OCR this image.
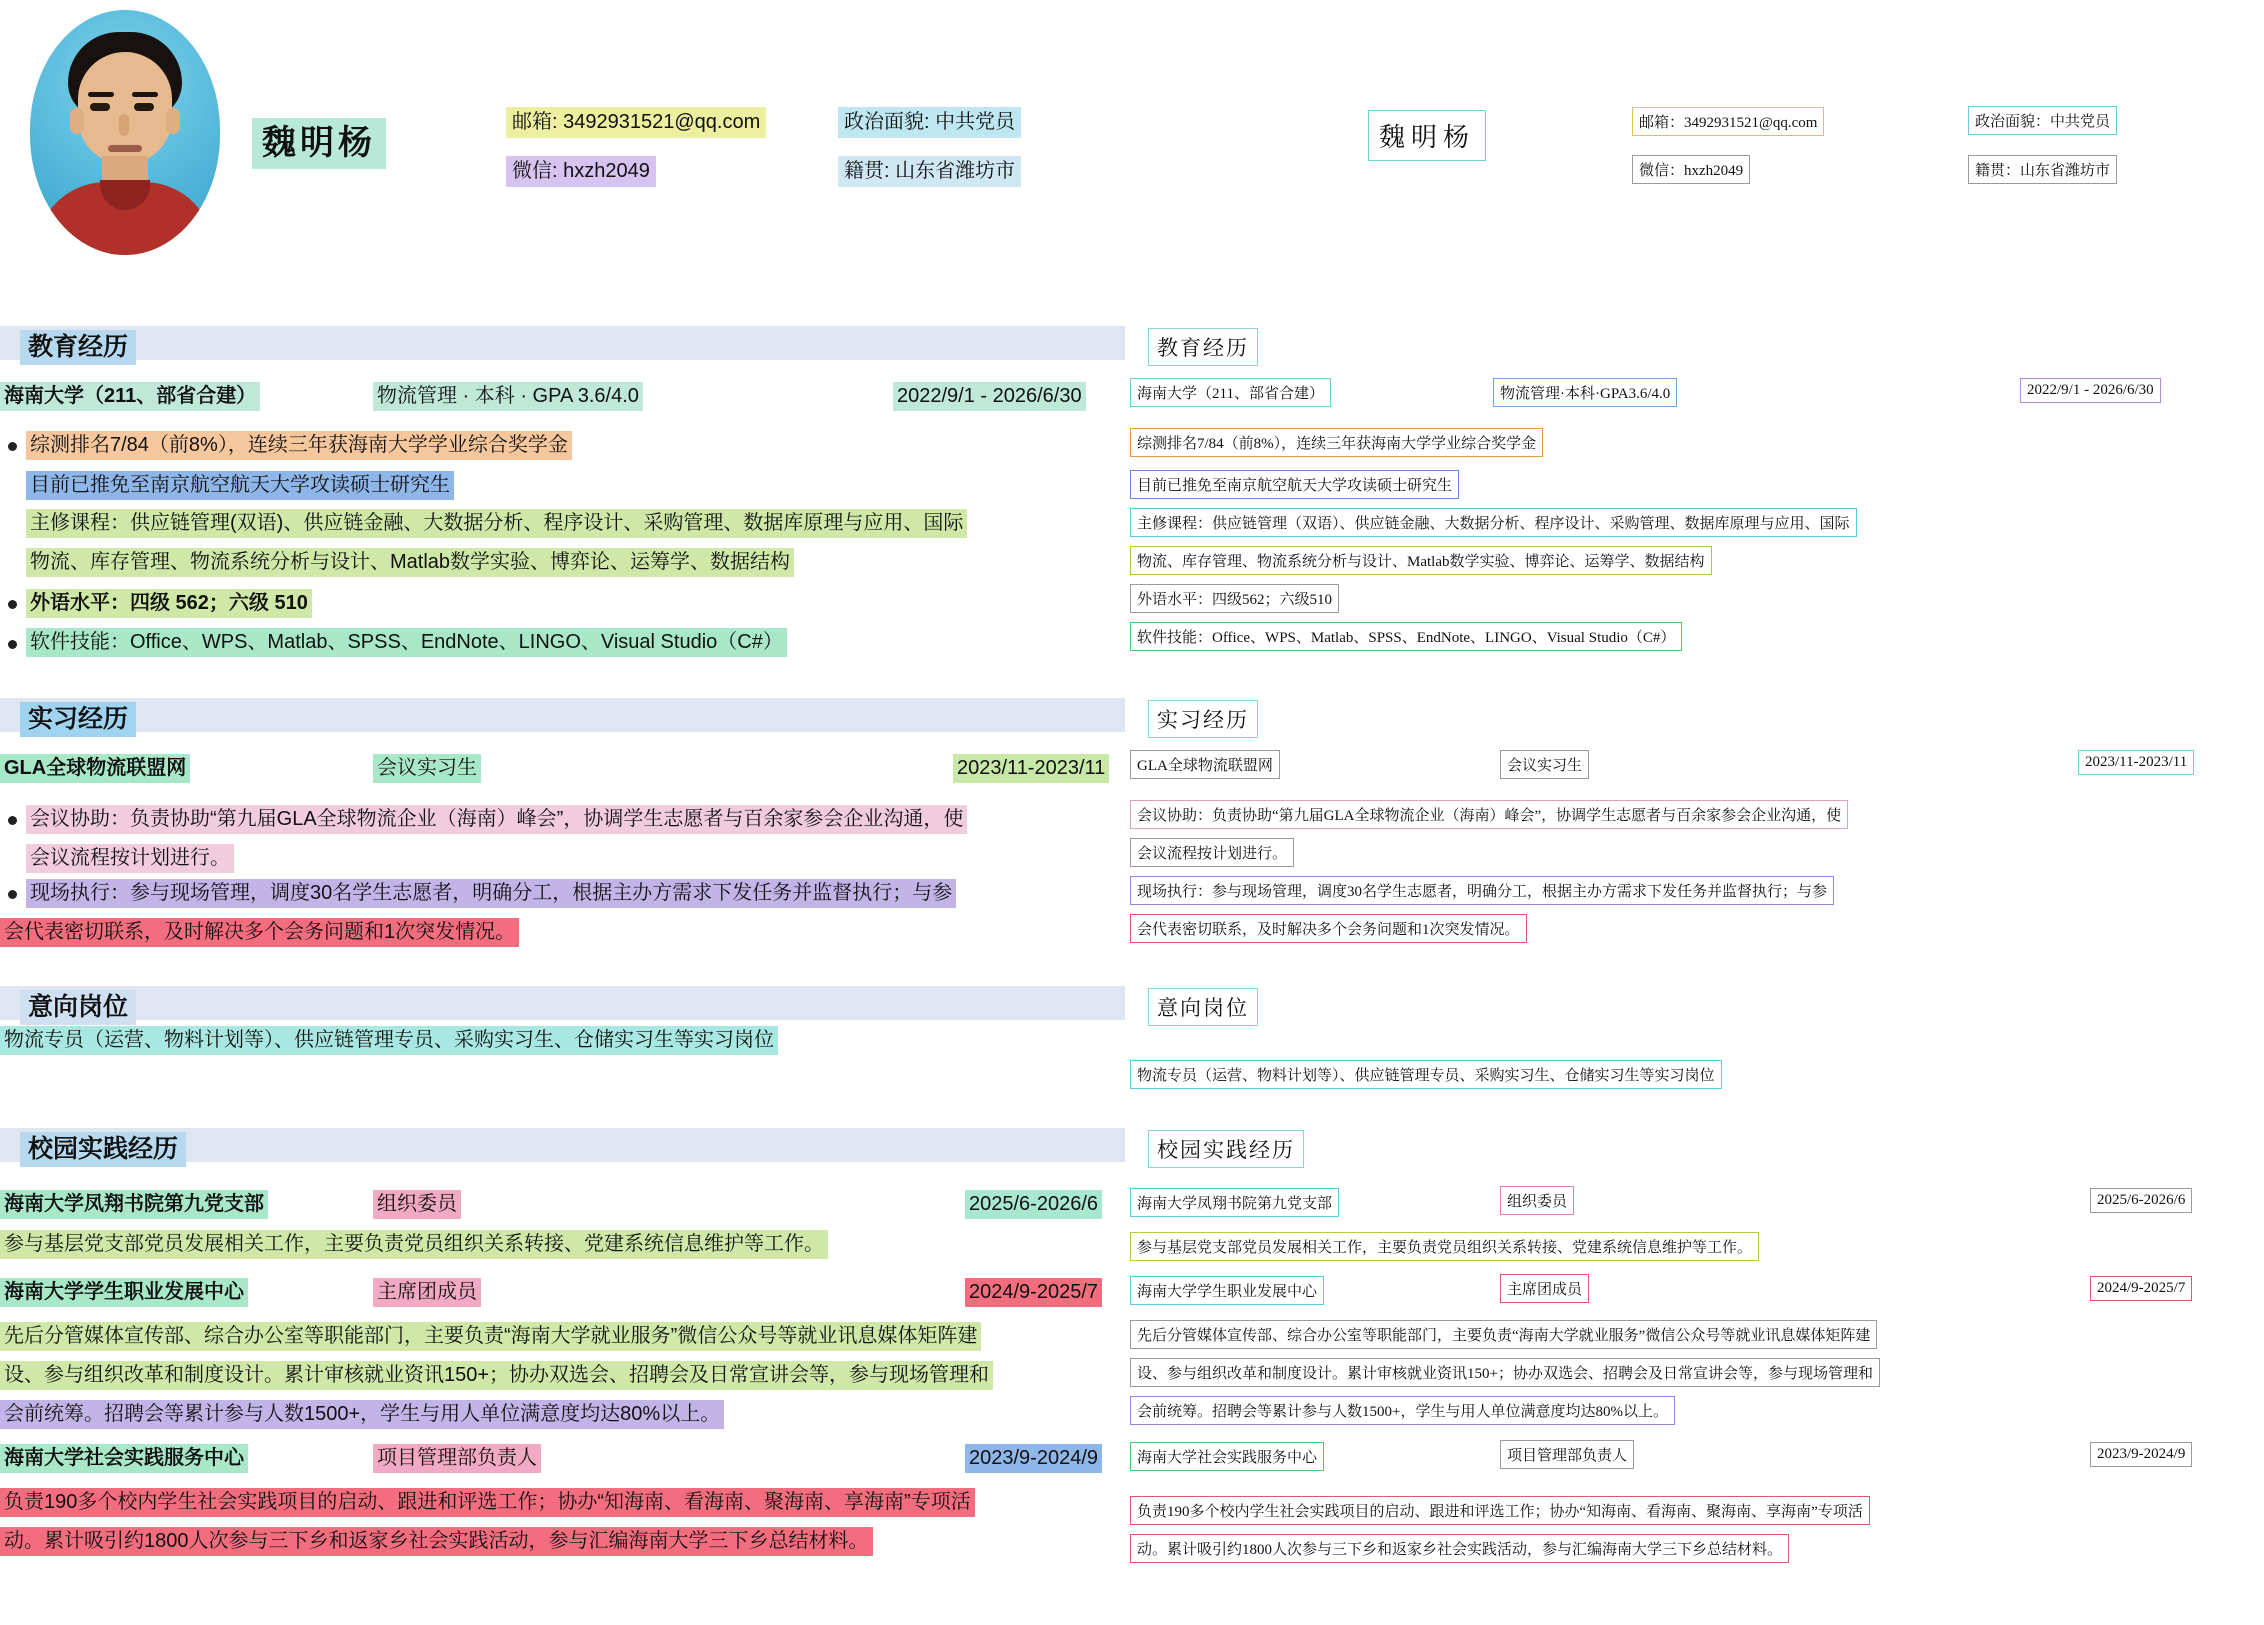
魏明杨
邮箱: 3492931521@qq.com
微信: hxzh2049
政治面貌: 中共党员
籍贯: 山东省潍坊市
魏明杨	邮箱：3492931521@qq.com
微信：hxzh2049
政治面貌：中共党员
籍贯：山东省潍坊市
教育经历	教育经历
海南大学（211、部省合建）	物流管理 · 本科 · GPA 3.6/4.0	2022/9/1 - 2026/6/30	海南大学（211、部省合建）	物流管理·本科·GPA3.6/4.0	2022/9/1 - 2026/6/30
综测排名7/84（前8%），连续三年获海南大学学业综合奖学金	综测排名7/84（前8%），连续三年获海南大学学业综合奖学金
目前已推免至南京航空航天大学攻读硕士研究生	目前已推免至南京航空航天大学攻读硕士研究生
主修课程：供应链管理(双语)、供应链金融、大数据分析、程序设计、采购管理、数据库原理与应用、国际
物流、库存管理、物流系统分析与设计、Matlab数学实验、博弈论、运筹学、数据结构
主修课程：供应链管理（双语）、供应链金融、大数据分析、程序设计、采购管理、数据库原理与应用、国际
物流、库存管理、物流系统分析与设计、Matlab数学实验、博弈论、运筹学、数据结构
外语水平：四级 562；六级 510	外语水平：四级562；六级510
软件技能：Office、WPS、Matlab、SPSS、EndNote、LINGO、Visual Studio（C#）	软件技能：Office、WPS、Matlab、SPSS、EndNote、LINGO、Visual Studio（C#）
实习经历	实习经历
GLA全球物流联盟网	会议实习生	2023/11-2023/11	GLA全球物流联盟网	会议实习生	2023/11-2023/11
会议协助：负责协助“第九届GLA全球物流企业（海南）峰会”，协调学生志愿者与百余家参会企业沟通，使
会议流程按计划进行。
会议协助：负责协助“第九届GLA全球物流企业（海南）峰会”，协调学生志愿者与百余家参会企业沟通，使
会议流程按计划进行。
现场执行：参与现场管理，调度30名学生志愿者，明确分工，根据主办方需求下发任务并监督执行；与参
会代表密切联系，及时解决多个会务问题和1次突发情况。
现场执行：参与现场管理，调度30名学生志愿者，明确分工，根据主办方需求下发任务并监督执行；与参
会代表密切联系，及时解决多个会务问题和1次突发情况。
意向岗位	意向岗位
物流专员（运营、物料计划等）、供应链管理专员、采购实习生、仓储实习生等实习岗位
物流专员（运营、物料计划等）、供应链管理专员、采购实习生、仓储实习生等实习岗位
校园实践经历	校园实践经历
海南大学凤翔书院第九党支部	组织委员	2025/6-2026/6	海南大学凤翔书院第九党支部	组织委员	2025/6-2026/6
参与基层党支部党员发展相关工作，主要负责党员组织关系转接、党建系统信息维护等工作。	参与基层党支部党员发展相关工作，主要负责党员组织关系转接、党建系统信息维护等工作。
海南大学学生职业发展中心	主席团成员	2024/9-2025/7	海南大学学生职业发展中心	主席团成员	2024/9-2025/7
先后分管媒体宣传部、综合办公室等职能部门，主要负责“海南大学就业服务”微信公众号等就业讯息媒体矩阵建
设、参与组织改革和制度设计。累计审核就业资讯150+；协办双选会、招聘会及日常宣讲会等，参与现场管理和
会前统筹。招聘会等累计参与人数1500+，学生与用人单位满意度均达80%以上。
先后分管媒体宣传部、综合办公室等职能部门，主要负责“海南大学就业服务”微信公众号等就业讯息媒体矩阵建
设、参与组织改革和制度设计。累计审核就业资讯150+；协办双选会、招聘会及日常宣讲会等，参与现场管理和
会前统筹。招聘会等累计参与人数1500+，学生与用人单位满意度均达80%以上。
海南大学社会实践服务中心	项目管理部负责人	2023/9-2024/9	海南大学社会实践服务中心	项目管理部负责人	2023/9-2024/9
负责190多个校内学生社会实践项目的启动、跟进和评选工作；协办“知海南、看海南、聚海南、享海南”专项活
动。累计吸引约1800人次参与三下乡和返家乡社会实践活动，参与汇编海南大学三下乡总结材料。
负责190多个校内学生社会实践项目的启动、跟进和评选工作；协办“知海南、看海南、聚海南、享海南”专项活
动。累计吸引约1800人次参与三下乡和返家乡社会实践活动，参与汇编海南大学三下乡总结材料。
